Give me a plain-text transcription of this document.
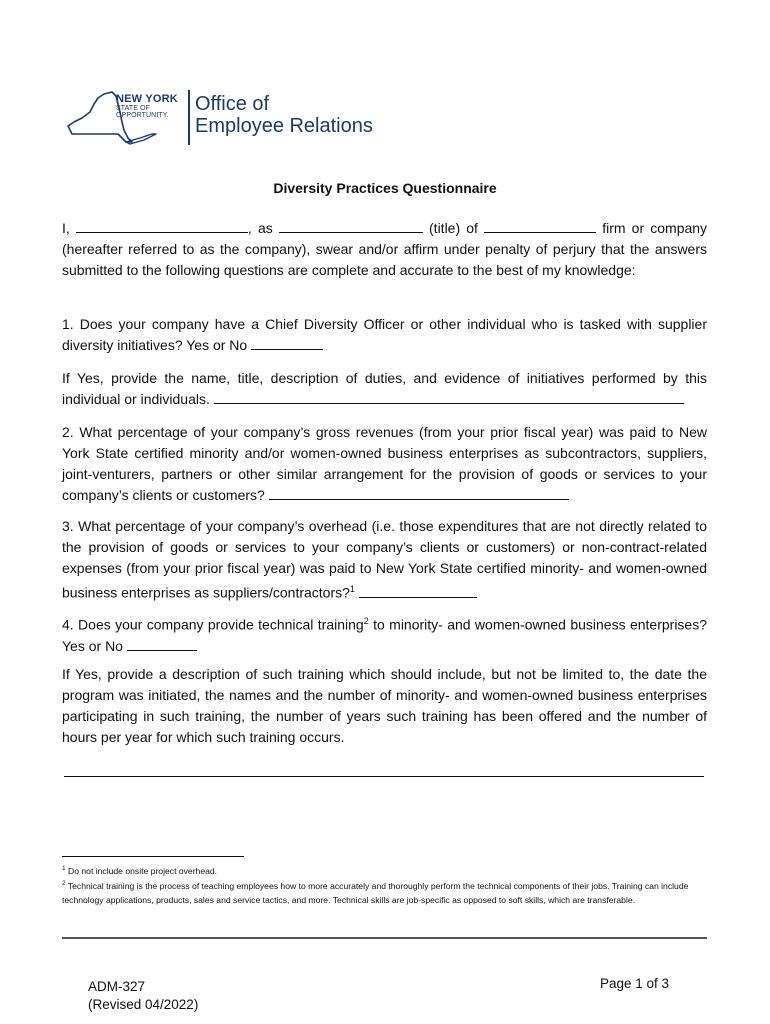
NEW YORK
STATE OF
OPPORTUNITY.
Office of
Employee Relations
Diversity Practices Questionnaire
I,	, as	(title) of	firm or company (hereafter referred to as the company), swear and/or affirm under penalty of perjury that the answers submitted to the following questions are complete and accurate to the best of my knowledge:
1. Does your company have a Chief Diversity Officer or other individual who is tasked with supplier diversity initiatives? Yes or No
If Yes, provide the name, title, description of duties, and evidence of initiatives performed by this individual or individuals.
2. What percentage of your company’s gross revenues (from your prior fiscal year) was paid to New York State certified minority and/or women-owned business enterprises as subcontractors, suppliers, joint-venturers, partners or other similar arrangement for the provision of goods or services to your company’s clients or customers?
3. What percentage of your company’s overhead (i.e. those expenditures that are not directly related to the provision of goods or services to your company’s clients or customers) or non-contract-related expenses (from your prior fiscal year) was paid to New York State certified minority- and women-owned business enterprises as suppliers/contractors?$^1$
4. Does your company provide technical training$^2$ to minority- and women-owned business enterprises? Yes or No
If Yes, provide a description of such training which should include, but not be limited to, the date the program was initiated, the names and the number of minority- and women-owned business enterprises participating in such training, the number of years such training has been offered and the number of hours per year for which such training occurs.
$^1$ Do not include onsite project overhead.
$^2$ Technical training is the process of teaching employees how to more accurately and thoroughly perform the technical components of their jobs. Training can include technology applications, products, sales and service tactics, and more. Technical skills are job-specific as opposed to soft skills, which are transferable.
ADM-327
(Revised 04/2022)
Page 1 of 3
